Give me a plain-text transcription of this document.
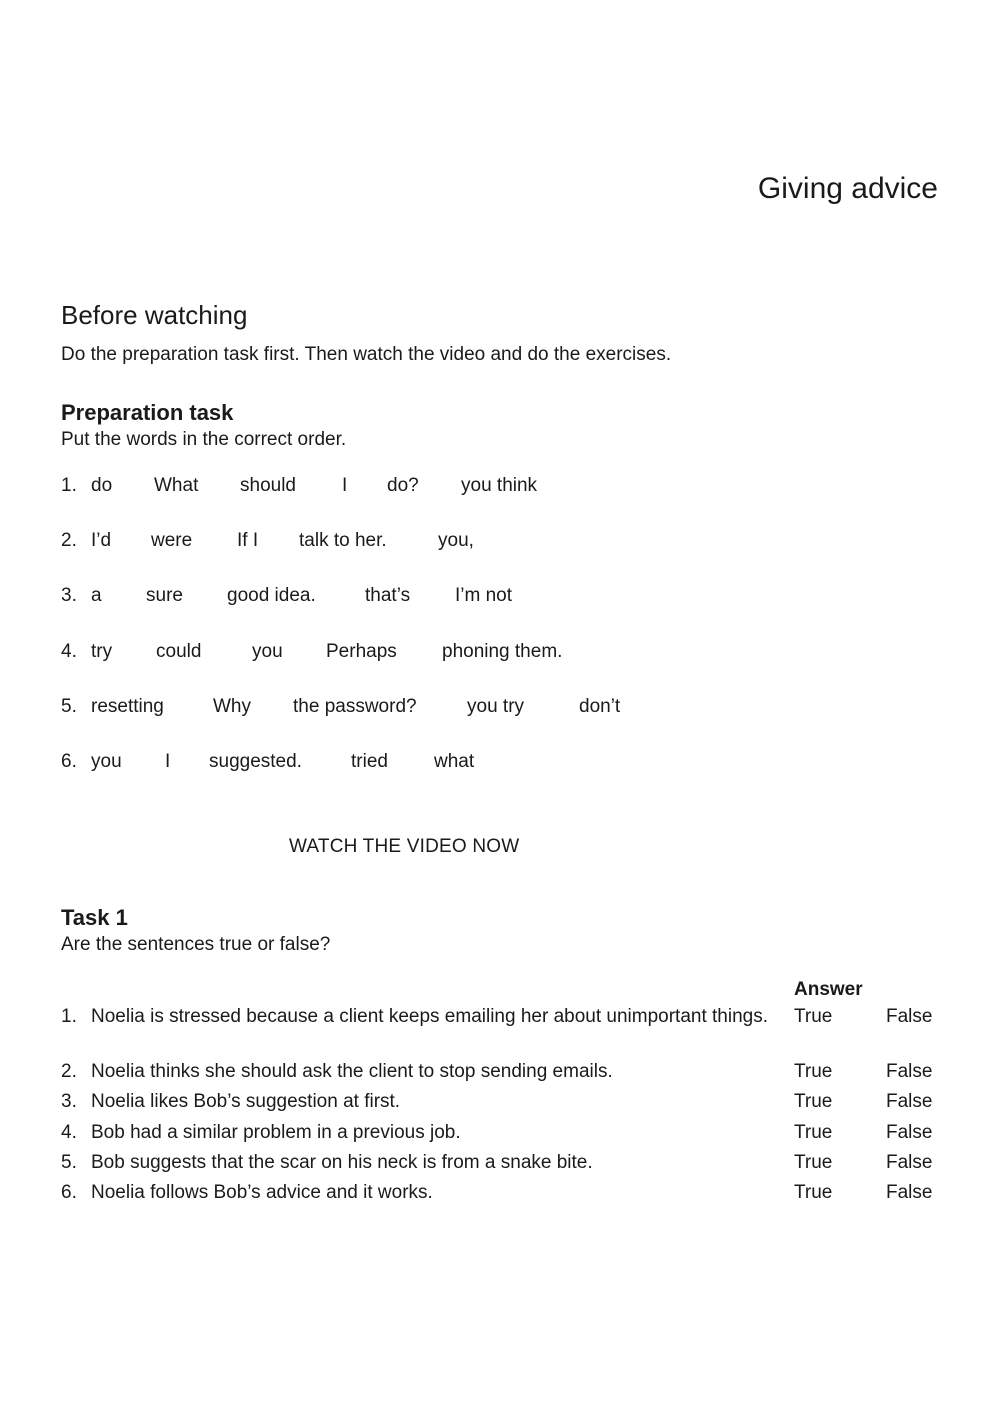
Giving advice
Before watching
Do the preparation task first. Then watch the video and do the exercises.
Preparation task
Put the words in the correct order.
1. do What should I do? you think
2. I’d were If I talk to her.	you,
3. a sure good idea.	that’s I’m not
4. try could	you Perhaps phoning them.
5. resetting	Why the password?	you try	don’t
6. you I suggested.	tried what
WATCH THE VIDEO NOW
Task 1
Are the sentences true or false?
Answer
1. Noelia is stressed because a client keeps emailing her about unimportant things.	True	False
2. Noelia thinks she should ask the client to stop sending emails.	True	False
3. Noelia likes Bob’s suggestion at first.	True	False
4. Bob had a similar problem in a previous job.	True	False
5. Bob suggests that the scar on his neck is from a snake bite.	True	False
6. Noelia follows Bob’s advice and it works.	True	False
